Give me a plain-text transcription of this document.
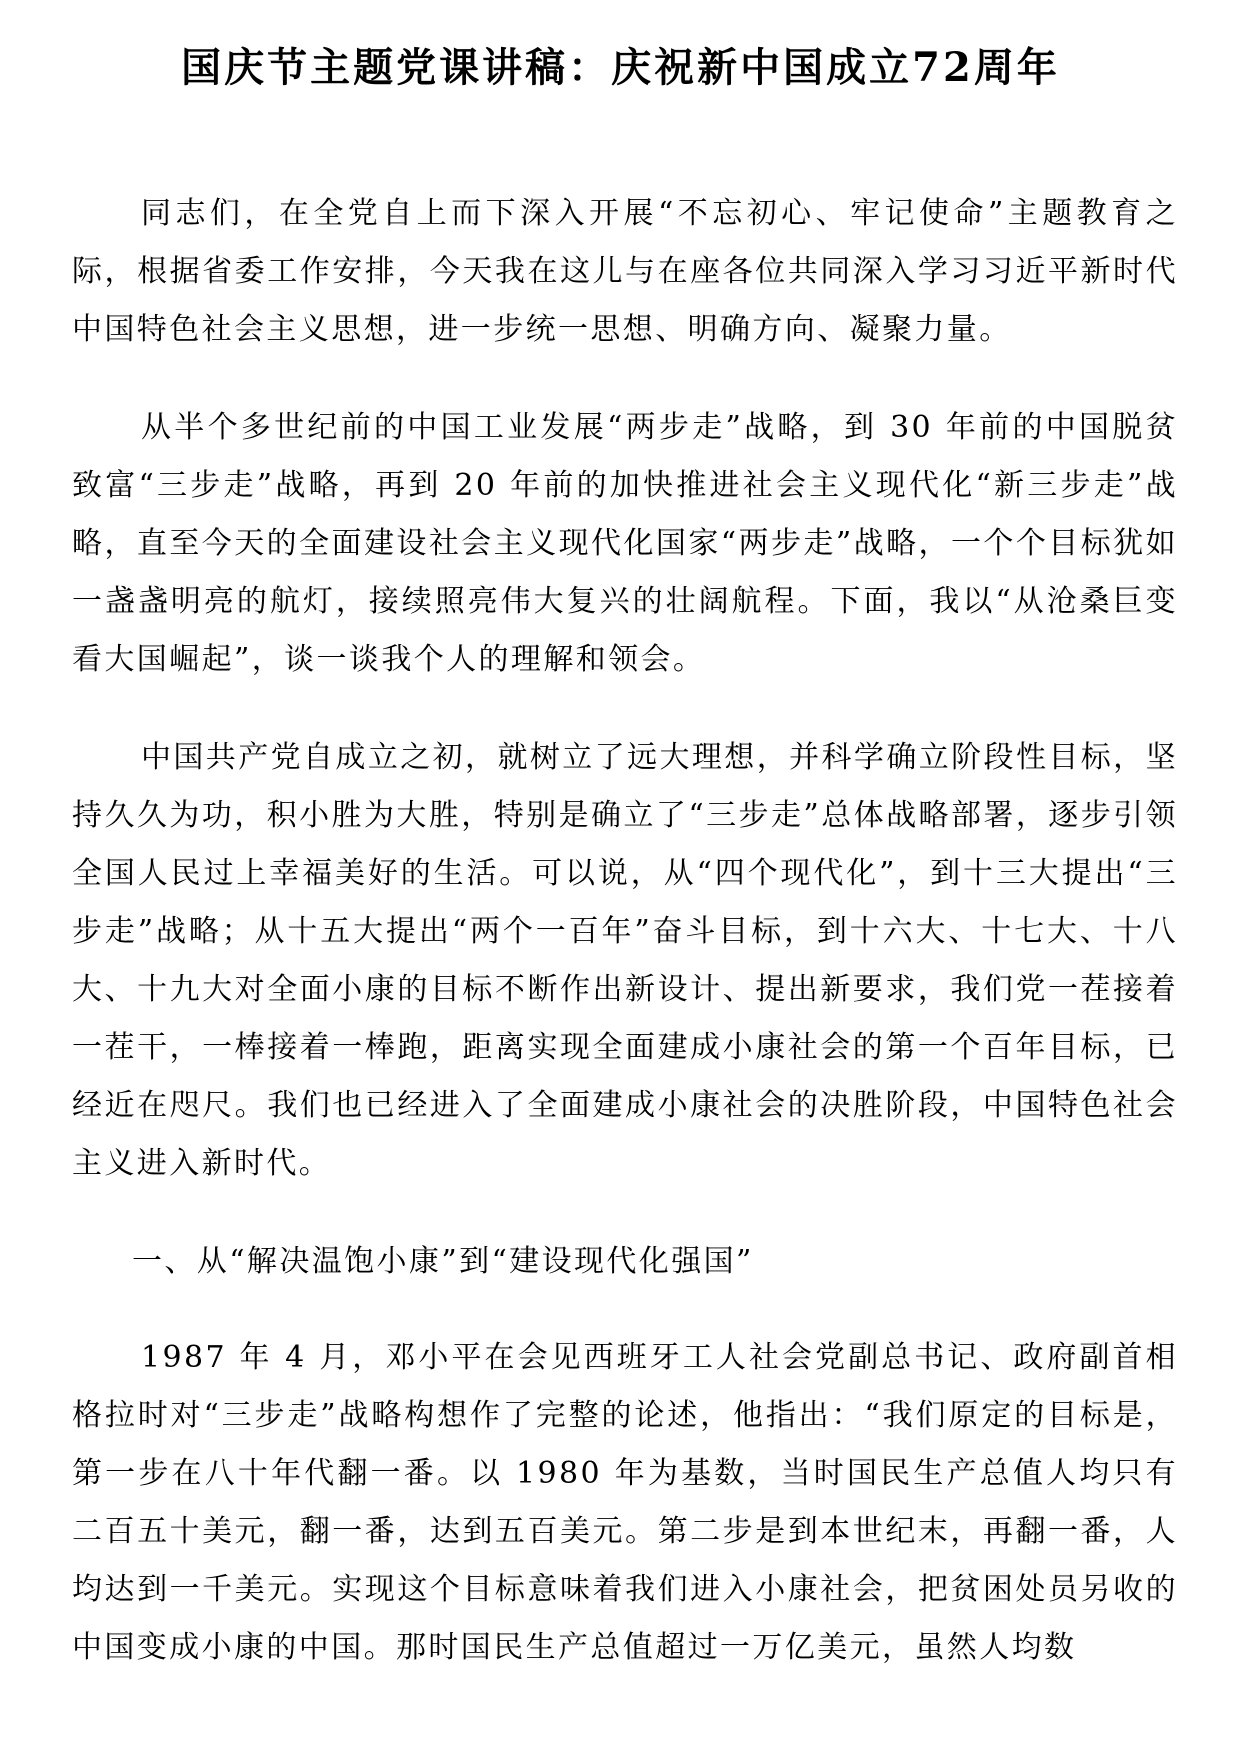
国庆节主题党课讲稿：庆祝新中国成立72周年

同志们，在全党自上而下深入开展“不忘初心、牢记使命”主题教育之际，根据省委工作安排，今天我在这儿与在座各位共同深入学习习近平新时代中国特色社会主义思想，进一步统一思想、明确方向、凝聚力量。

从半个多世纪前的中国工业发展“两步走”战略，到 30 年前的中国脱贫致富“三步走”战略，再到 20 年前的加快推进社会主义现代化“新三步走”战略，直至今天的全面建设社会主义现代化国家“两步走”战略，一个个目标犹如一盏盏明亮的航灯，接续照亮伟大复兴的壮阔航程。下面，我以“从沧桑巨变看大国崛起”，谈一谈我个人的理解和领会。

中国共产党自成立之初，就树立了远大理想，并科学确立阶段性目标，坚持久久为功，积小胜为大胜，特别是确立了“三步走”总体战略部署，逐步引领全国人民过上幸福美好的生活。可以说，从“四个现代化”，到十三大提出“三步走”战略；从十五大提出“两个一百年”奋斗目标，到十六大、十七大、十八大、十九大对全面小康的目标不断作出新设计、提出新要求，我们党一茬接着一茬干，一棒接着一棒跑，距离实现全面建成小康社会的第一个百年目标，已经近在咫尺。我们也已经进入了全面建成小康社会的决胜阶段，中国特色社会主义进入新时代。

一、从“解决温饱小康”到“建设现代化强国”

1987 年 4 月，邓小平在会见西班牙工人社会党副总书记、政府副首相格拉时对“三步走”战略构想作了完整的论述，他指出：“我们原定的目标是，第一步在八十年代翻一番。以 1980 年为基数，当时国民生产总值人均只有二百五十美元，翻一番，达到五百美元。第二步是到本世纪末，再翻一番，人均达到一千美元。实现这个目标意味着我们进入小康社会，把贫困处员另收的中国变成小康的中国。那时国民生产总值超过一万亿美元，虽然人均数
